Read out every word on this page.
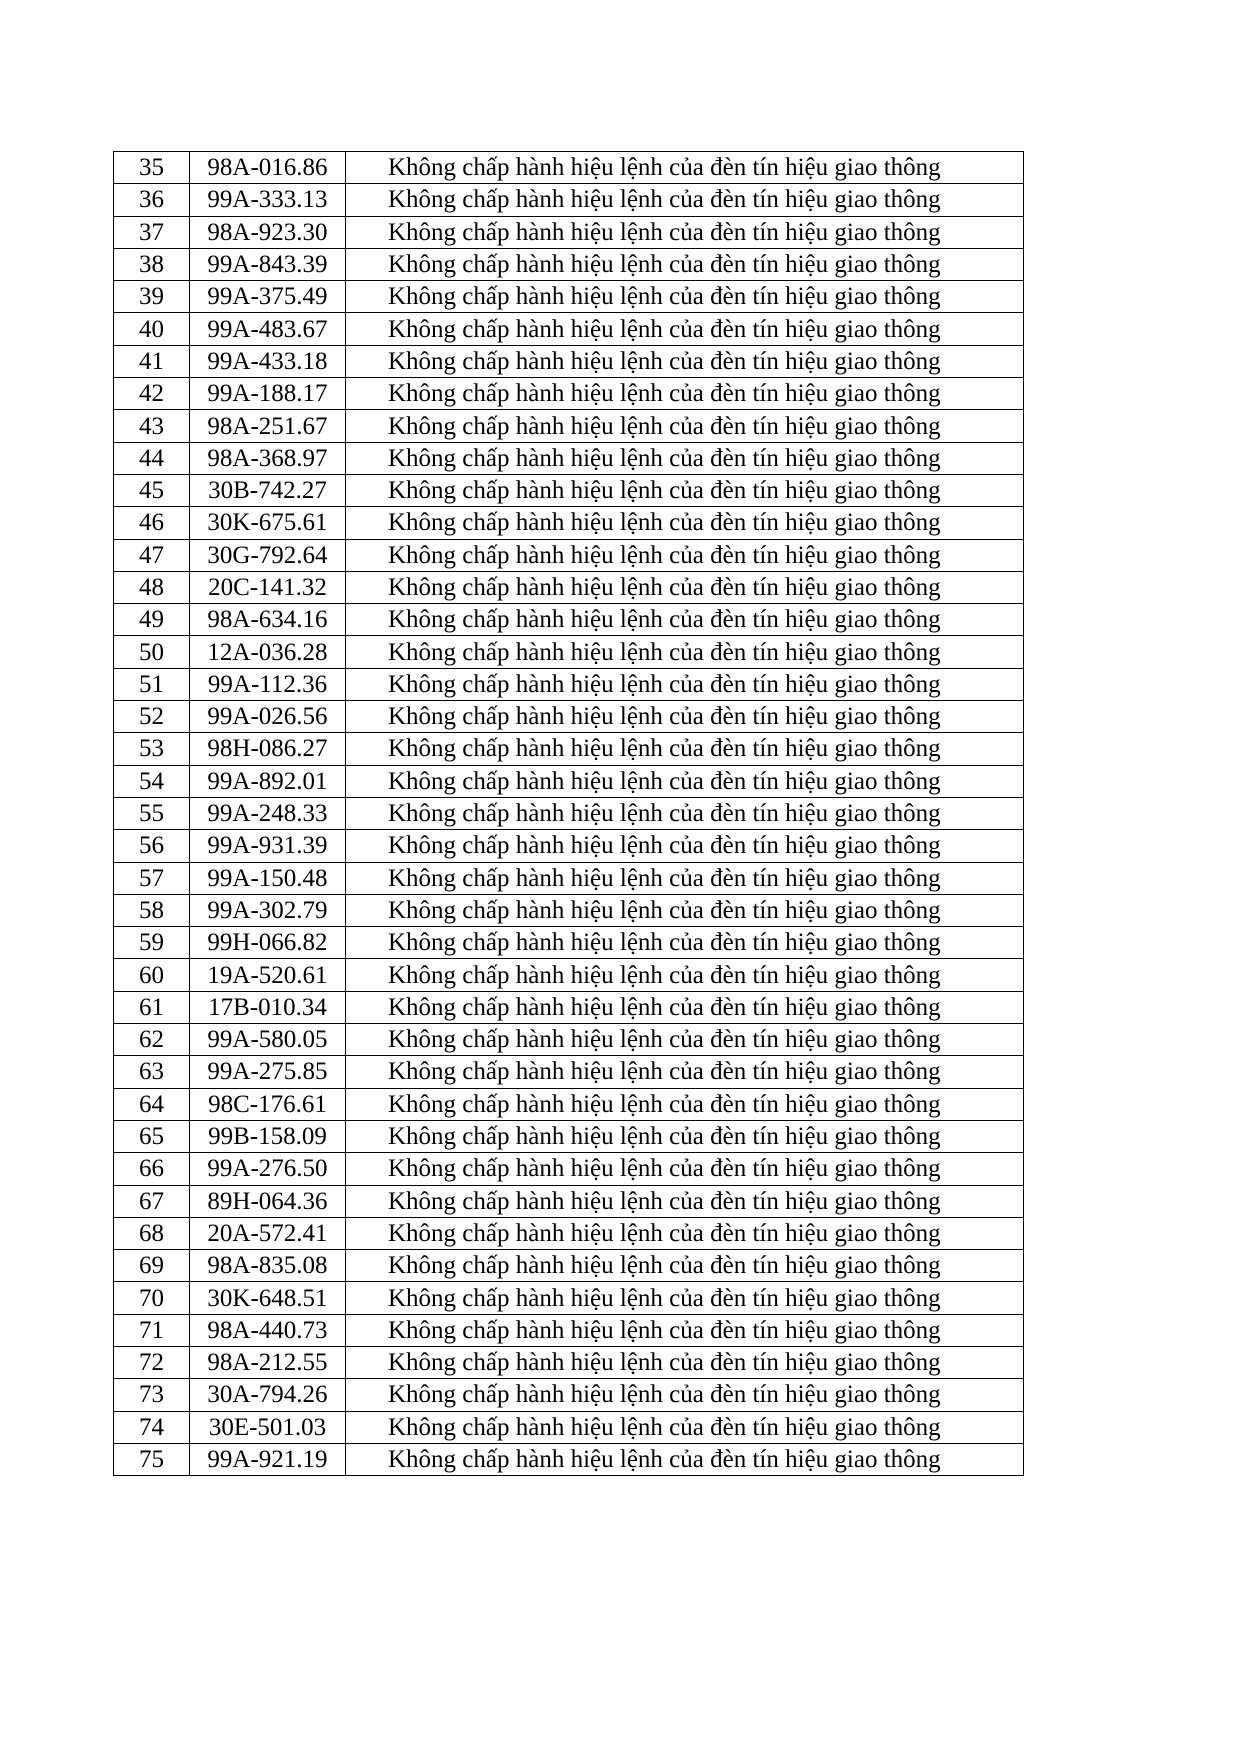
35	98A-016.86	Không chấp hành hiệu lệnh của đèn tín hiệu giao thông
36	99A-333.13	Không chấp hành hiệu lệnh của đèn tín hiệu giao thông
37	98A-923.30	Không chấp hành hiệu lệnh của đèn tín hiệu giao thông
38	99A-843.39	Không chấp hành hiệu lệnh của đèn tín hiệu giao thông
39	99A-375.49	Không chấp hành hiệu lệnh của đèn tín hiệu giao thông
40	99A-483.67	Không chấp hành hiệu lệnh của đèn tín hiệu giao thông
41	99A-433.18	Không chấp hành hiệu lệnh của đèn tín hiệu giao thông
42	99A-188.17	Không chấp hành hiệu lệnh của đèn tín hiệu giao thông
43	98A-251.67	Không chấp hành hiệu lệnh của đèn tín hiệu giao thông
44	98A-368.97	Không chấp hành hiệu lệnh của đèn tín hiệu giao thông
45	30B-742.27	Không chấp hành hiệu lệnh của đèn tín hiệu giao thông
46	30K-675.61	Không chấp hành hiệu lệnh của đèn tín hiệu giao thông
47	30G-792.64	Không chấp hành hiệu lệnh của đèn tín hiệu giao thông
48	20C-141.32	Không chấp hành hiệu lệnh của đèn tín hiệu giao thông
49	98A-634.16	Không chấp hành hiệu lệnh của đèn tín hiệu giao thông
50	12A-036.28	Không chấp hành hiệu lệnh của đèn tín hiệu giao thông
51	99A-112.36	Không chấp hành hiệu lệnh của đèn tín hiệu giao thông
52	99A-026.56	Không chấp hành hiệu lệnh của đèn tín hiệu giao thông
53	98H-086.27	Không chấp hành hiệu lệnh của đèn tín hiệu giao thông
54	99A-892.01	Không chấp hành hiệu lệnh của đèn tín hiệu giao thông
55	99A-248.33	Không chấp hành hiệu lệnh của đèn tín hiệu giao thông
56	99A-931.39	Không chấp hành hiệu lệnh của đèn tín hiệu giao thông
57	99A-150.48	Không chấp hành hiệu lệnh của đèn tín hiệu giao thông
58	99A-302.79	Không chấp hành hiệu lệnh của đèn tín hiệu giao thông
59	99H-066.82	Không chấp hành hiệu lệnh của đèn tín hiệu giao thông
60	19A-520.61	Không chấp hành hiệu lệnh của đèn tín hiệu giao thông
61	17B-010.34	Không chấp hành hiệu lệnh của đèn tín hiệu giao thông
62	99A-580.05	Không chấp hành hiệu lệnh của đèn tín hiệu giao thông
63	99A-275.85	Không chấp hành hiệu lệnh của đèn tín hiệu giao thông
64	98C-176.61	Không chấp hành hiệu lệnh của đèn tín hiệu giao thông
65	99B-158.09	Không chấp hành hiệu lệnh của đèn tín hiệu giao thông
66	99A-276.50	Không chấp hành hiệu lệnh của đèn tín hiệu giao thông
67	89H-064.36	Không chấp hành hiệu lệnh của đèn tín hiệu giao thông
68	20A-572.41	Không chấp hành hiệu lệnh của đèn tín hiệu giao thông
69	98A-835.08	Không chấp hành hiệu lệnh của đèn tín hiệu giao thông
70	30K-648.51	Không chấp hành hiệu lệnh của đèn tín hiệu giao thông
71	98A-440.73	Không chấp hành hiệu lệnh của đèn tín hiệu giao thông
72	98A-212.55	Không chấp hành hiệu lệnh của đèn tín hiệu giao thông
73	30A-794.26	Không chấp hành hiệu lệnh của đèn tín hiệu giao thông
74	30E-501.03	Không chấp hành hiệu lệnh của đèn tín hiệu giao thông
75	99A-921.19	Không chấp hành hiệu lệnh của đèn tín hiệu giao thông
